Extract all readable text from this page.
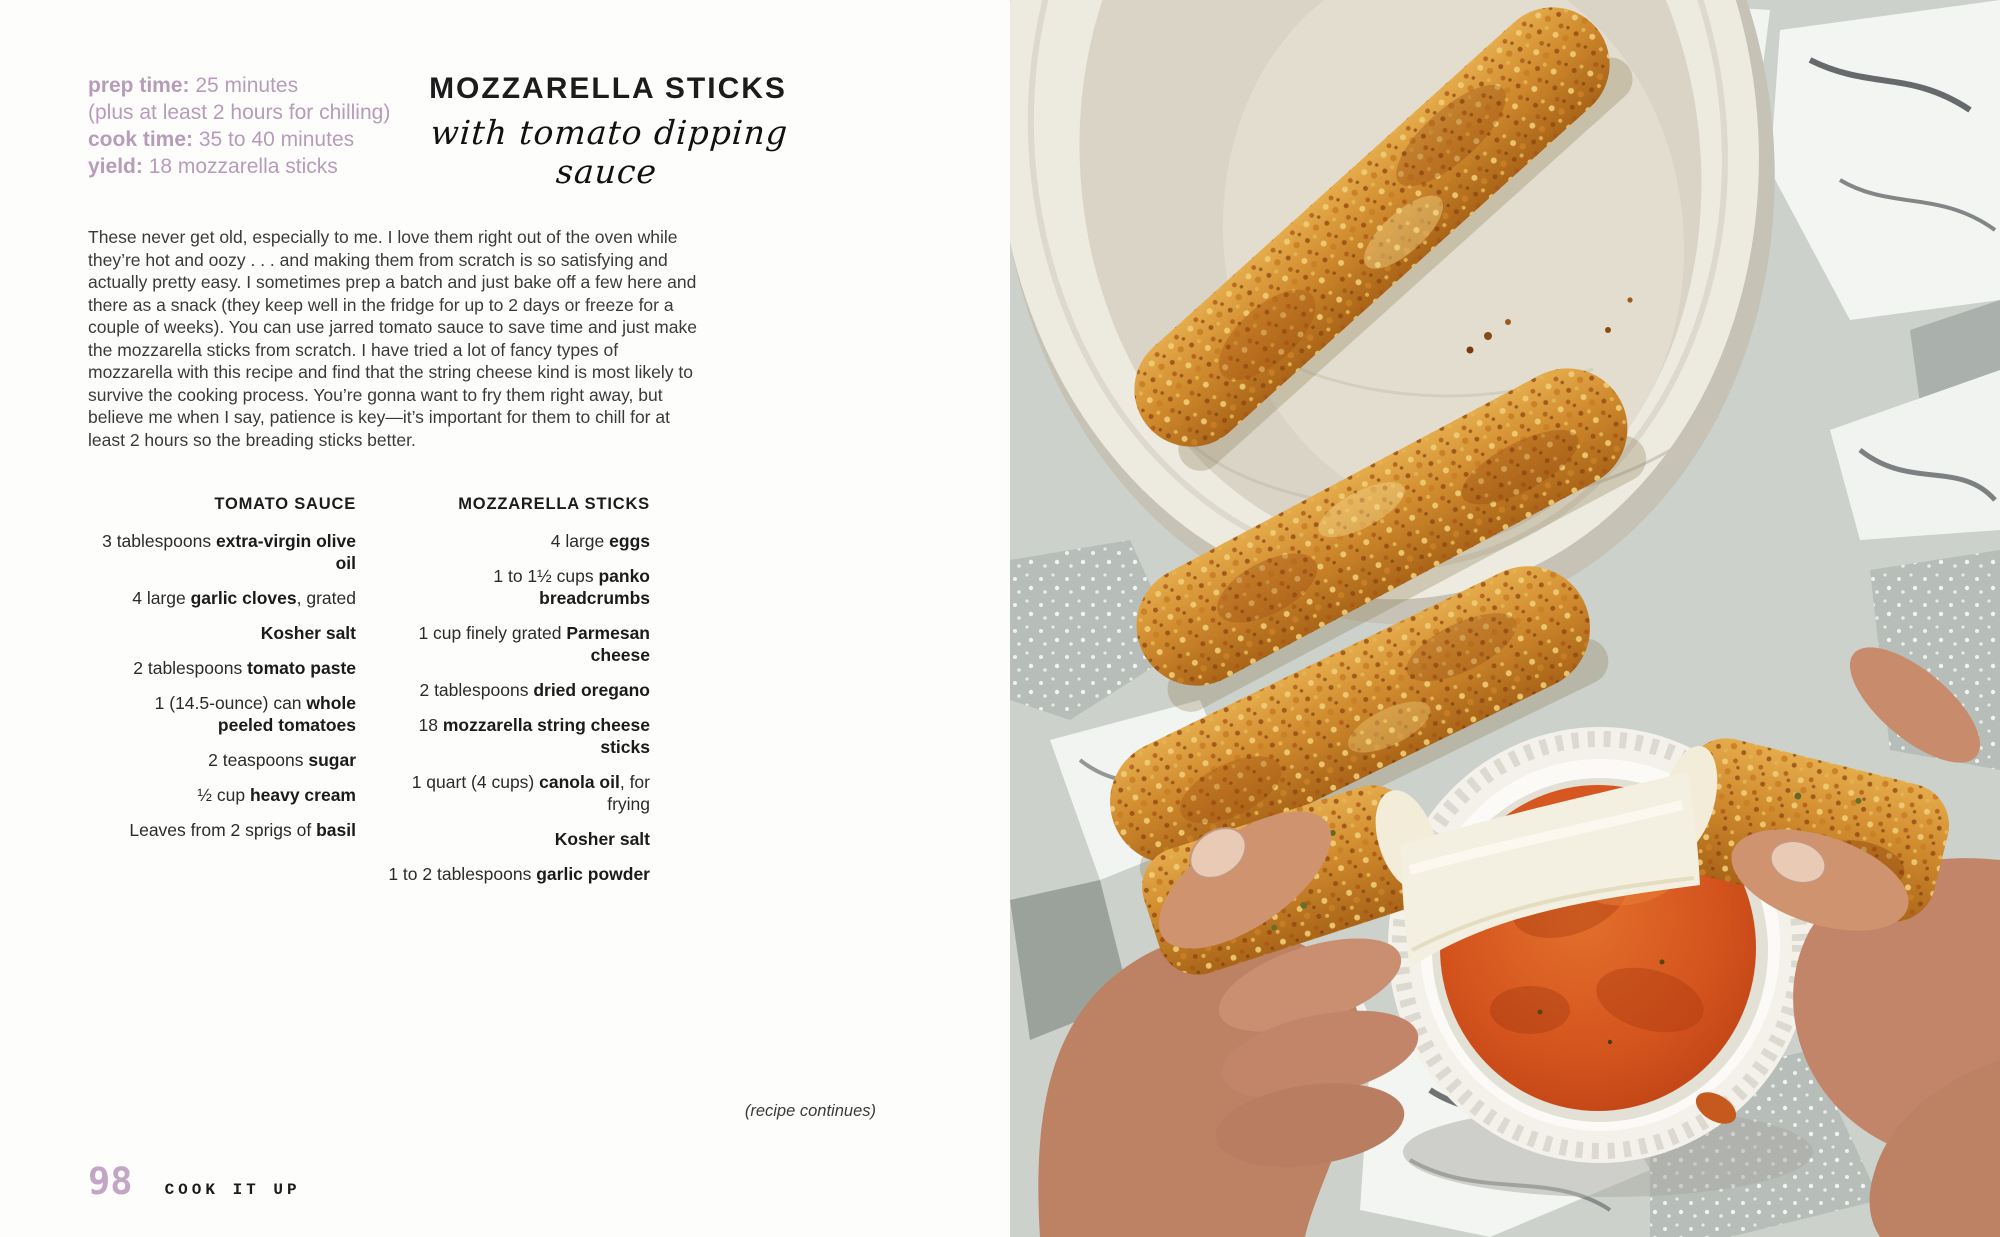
prep time: 25 minutes
(plus at least 2 hours for chilling)
cook time: 35 to 40 minutes
yield: 18 mozzarella sticks
MOZZARELLA STICKS
with tomato dipping sauce

These never get old, especially to me. I love them right out of the oven while they’re hot and oozy . . . and making them from scratch is so satisfying and actually pretty easy. I sometimes prep a batch and just bake off a few here and there as a snack (they keep well in the fridge for up to 2 days or freeze for a couple of weeks). You can use jarred tomato sauce to save time and just make the mozzarella sticks from scratch. I have tried a lot of fancy types of mozzarella with this recipe and find that the string cheese kind is most likely to survive the cooking process. You’re gonna want to fry them right away, but believe me when I say, patience is key—it’s important for them to chill for at least 2 hours so the breading sticks better.

TOMATO SAUCE
3 tablespoons extra-virgin olive oil
4 large garlic cloves, grated
Kosher salt
2 tablespoons tomato paste
1 (14.5-ounce) can whole peeled tomatoes
2 teaspoons sugar
½ cup heavy cream
Leaves from 2 sprigs of basil
MOZZARELLA STICKS
4 large eggs
1 to 1½ cups panko breadcrumbs
1 cup finely grated Parmesan cheese
2 tablespoons dried oregano
18 mozzarella string cheese sticks
1 quart (4 cups) canola oil, for frying
Kosher salt
1 to 2 tablespoons garlic powder
(recipe continues)
98 COOK IT UP
